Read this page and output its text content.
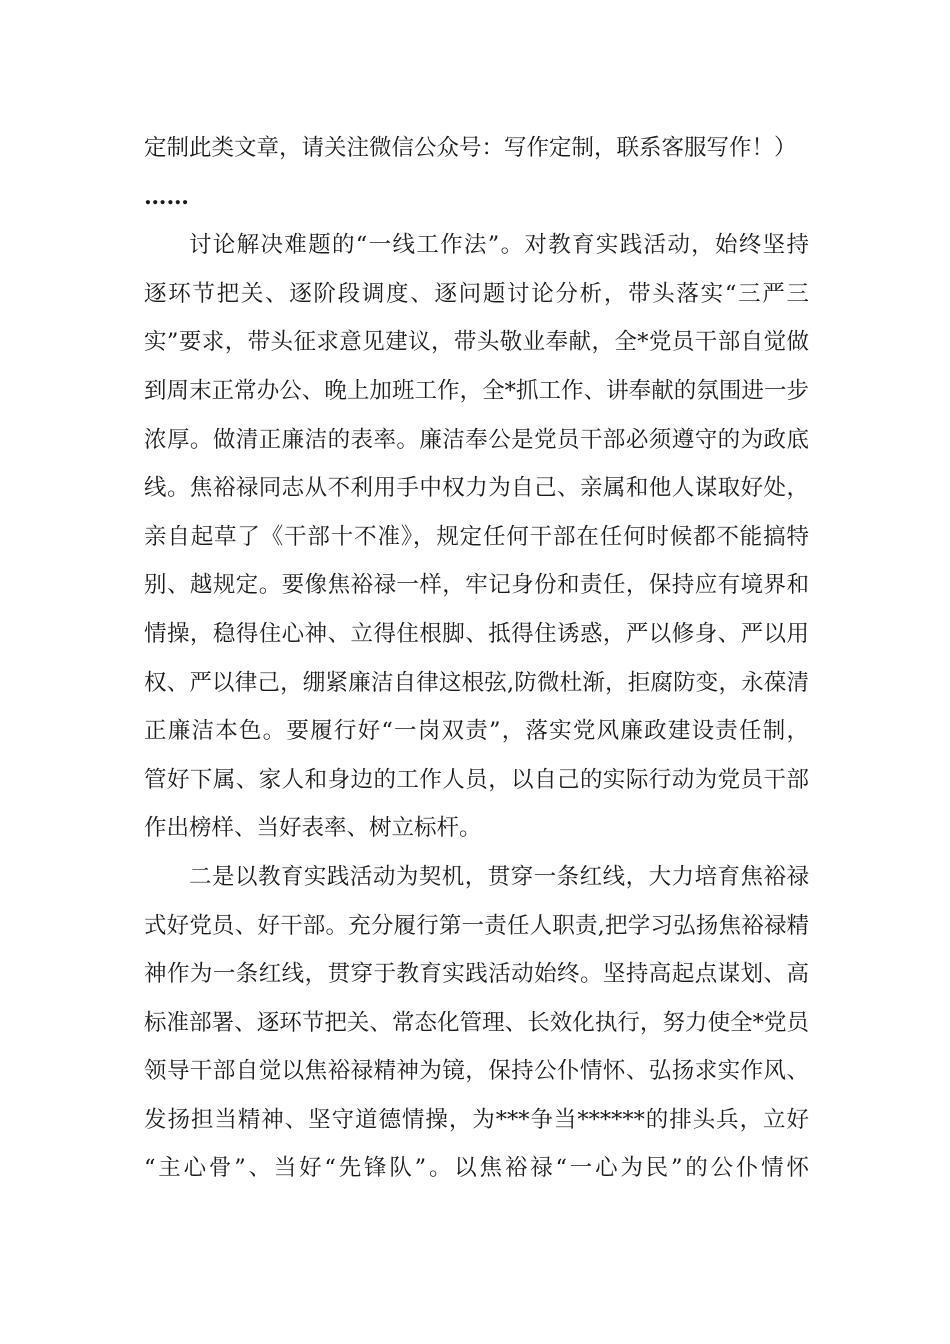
定制此类文章，请关注微信公众号：写作定制，联系客服写作！）
……

讨论解决难题的“一线工作法”。对教育实践活动，始终坚持
逐环节把关、逐阶段调度、逐问题讨论分析，带头落实“三严三
实”要求，带头征求意见建议，带头敬业奉献，全*党员干部自觉做
到周末正常办公、晚上加班工作，全*抓工作、讲奉献的氛围进一步
浓厚。做清正廉洁的表率。廉洁奉公是党员干部必须遵守的为政底
线。焦裕禄同志从不利用手中权力为自己、亲属和他人谋取好处，
亲自起草了《干部十不准》，规定任何干部在任何时候都不能搞特
别、越规定。要像焦裕禄一样，牢记身份和责任，保持应有境界和
情操，稳得住心神、立得住根脚、抵得住诱惑，严以修身、严以用
权、严以律己，绷紧廉洁自律这根弦,防微杜渐，拒腐防变，永葆清
正廉洁本色。要履行好“一岗双责”，落实党风廉政建设责任制，
管好下属、家人和身边的工作人员，以自己的实际行动为党员干部
作出榜样、当好表率、树立标杆。

二是以教育实践活动为契机，贯穿一条红线，大力培育焦裕禄
式好党员、好干部。充分履行第一责任人职责,把学习弘扬焦裕禄精
神作为一条红线，贯穿于教育实践活动始终。坚持高起点谋划、高
标准部署、逐环节把关、常态化管理、长效化执行，努力使全*党员
领导干部自觉以焦裕禄精神为镜，保持公仆情怀、弘扬求实作风、
发扬担当精神、坚守道德情操，为***争当******的排头兵，立好
“主心骨”、当好“先锋队”。以焦裕禄“一心为民”的公仆情怀
